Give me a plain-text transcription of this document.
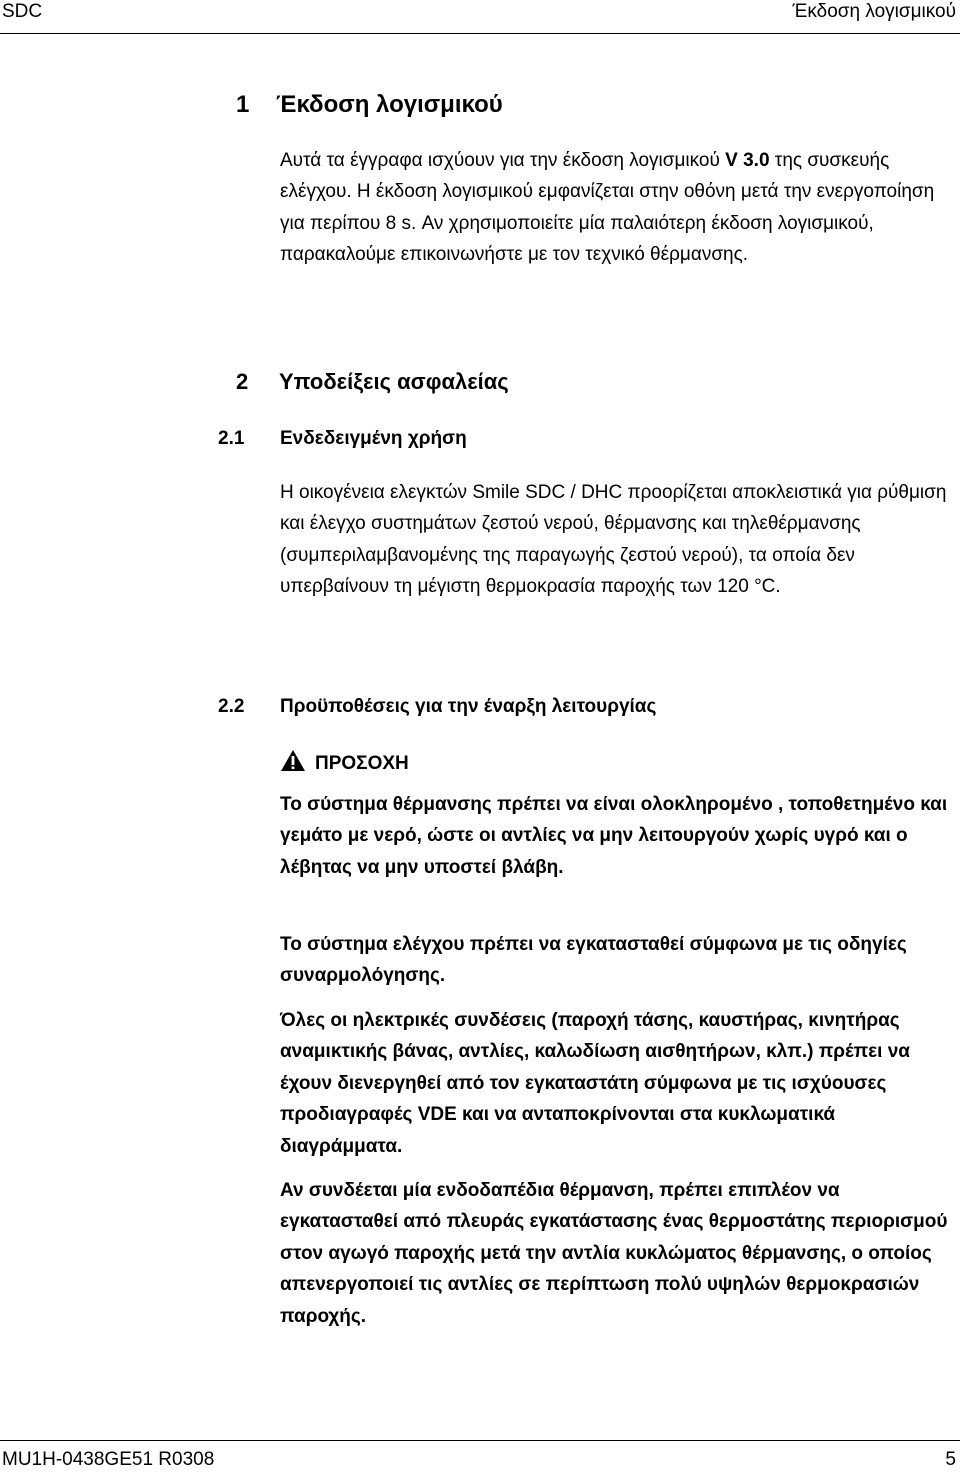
SDC	Έκδοση λογισμικού
1 Έκδοση λογισμικού

Αυτά τα έγγραφα ισχύουν για την έκδοση λογισμικού V 3.0 της συσκευής ελέγχου. Η έκδοση λογισμικού εμφανίζεται στην οθόνη μετά την ενεργοποίηση για περίπου 8 s. Αν χρησιμοποιείτε μία παλαιότερη έκδοση λογισμικού, παρακαλούμε επικοινωνήστε με τον τεχνικό θέρμανσης.

2 Υποδείξεις ασφαλείας
2.1 Ενδεδειγμένη χρήση

Η οικογένεια ελεγκτών Smile SDC / DHC προορίζεται αποκλειστικά για ρύθμιση και έλεγχο συστημάτων ζεστού νερού, θέρμανσης και τηλεθέρμανσης (συμπεριλαμβανομένης της παραγωγής ζεστού νερού), τα οποία δεν υπερβαίνουν τη μέγιστη θερμοκρασία παροχής των 120 °C.

2.2 Προϋποθέσεις για την έναρξη λειτουργίας
ΠΡΟΣΟΧΗ

Το σύστημα θέρμανσης πρέπει να είναι ολοκληρομένο , τοποθετημένο και γεμάτο με νερό, ώστε οι αντλίες να μην λειτουργούν χωρίς υγρό και ο λέβητας να μην υποστεί βλάβη.

Το σύστημα ελέγχου πρέπει να εγκατασταθεί σύμφωνα με τις οδηγίες συναρμολόγησης.

Όλες οι ηλεκτρικές συνδέσεις (παροχή τάσης, καυστήρας, κινητήρας αναμικτικής βάνας, αντλίες, καλωδίωση αισθητήρων, κλπ.) πρέπει να έχουν διενεργηθεί από τον εγκαταστάτη σύμφωνα με τις ισχύουσες προδιαγραφές VDE και να ανταποκρίνονται στα κυκλωματικά διαγράμματα.

Αν συνδέεται μία ενδοδαπέδια θέρμανση, πρέπει επιπλέον να εγκατασταθεί από πλευράς εγκατάστασης ένας θερμοστάτης περιορισμού στον αγωγό παροχής μετά την αντλία κυκλώματος θέρμανσης, ο οποίος απενεργοποιεί τις αντλίες σε περίπτωση πολύ υψηλών θερμοκρασιών παροχής.

MU1H-0438GE51 R0308	5
